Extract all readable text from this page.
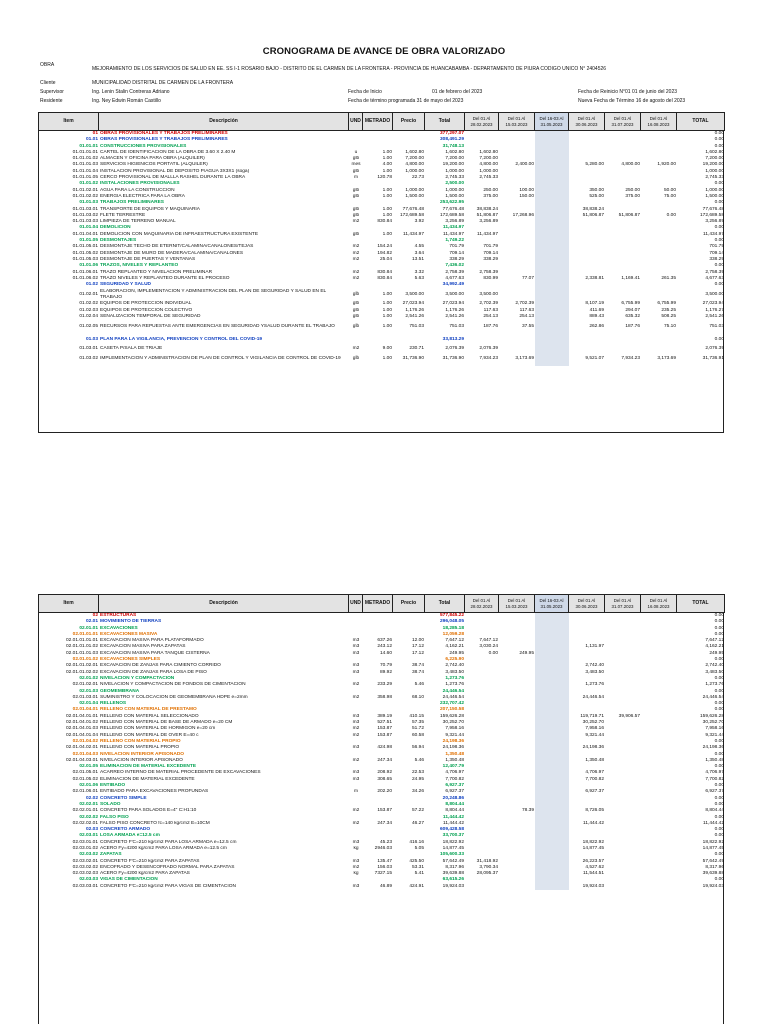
CRONOGRAMA DE AVANCE DE OBRA VALORIZADO
OBRA
MEJORAMIENTO DE LOS SERVICIOS DE SALUD EN EE. SS I-1 ROSARIO BAJO - DISTRITO DE EL CARMEN DE LA FRONTERA - PROVINCIA DE HUANCABAMBA - DEPARTAMENTO DE PIURA CODIGO UNICO N° 2404526
Cliente	MUNICIPALIDAD DISTRITAL DE CARMEN DE LA FRONTERA
Supervisor	Ing. Lenin Stalin Contreras Adriano	Fecha de Inicio	01 de febrero del 2023	Fecha de Reinicio N°01 01 de junio del 2023
Residente	Ing. Ney Edwin Román Castillo	Fecha de término programada 31 de mayo del 2023	Nueva Fecha de Término 16 de agosto del 2023
Item	Descripción	UND	METRADO	Precio	Total	Del 01 Al 28.02.2023	Del 01 Al 15.03.2023	Del 16-03 Al 31.05.2023	Del 01 Al 30.06.2023	Del 01 Al 31.07.2023	Del 01 Al 16.08.2023	TOTAL
01	OBRAS PROVISIONALES Y TRABAJOS PRELIMINARES				377,297.07							0.00
01.01	OBRAS PROVISIONALES Y TRABAJOS PRELIMINARES				308,491.29							0.00
01.01.01	CONSTRUCCIONES PROVISIONALES				31,748.13							0.00
01.01.01.01	CARTEL DE IDENTIFICACION DE LA OBRA DE 3.60 X 2.40 M	u	1.00	1,602.80	1,602.80	1,602.80						1,602.80
01.01.01.02	ALMACEN Y OFICINA PARA OBRA (ALQUILER)	glb	1.00	7,200.00	7,200.00	7,200.00						7,200.00
01.01.01.03	SERVICIOS HIGIENICOS PORTATIL (ALQUILER)	mes	4.00	4,800.00	19,200.00	4,800.00	2,400.00		5,280.00	4,800.00	1,920.00	19,200.00
01.01.01.04	INSTALACION PROVISIONAL DE DEPOSITO P/AGUA 3X3X1 (soga)	glb	1.00	1,000.00	1,000.00	1,000.00						1,000.00
01.01.01.05	CERCO PROVISIONAL DE MALLLA RASHEL DURANTE LA OBRA	m	120.78	22.73	2,745.33	2,745.33						2,745.33
01.01.02	INSTALACIONES PROVISIONALES				2,500.00							0.00
01.01.02.01	AGUA PARA LA CONSTRUCCION	glb	1.00	1,000.00	1,000.00	250.00	100.00		350.00	250.00	50.00	1,000.00
01.01.02.02	ENERGIA ELECTRICA PARA LA OBRA	glb	1.00	1,500.00	1,500.00	375.00	150.00		525.00	375.00	75.00	1,500.00
01.01.03	TRABAJOS PRELIMINARES				253,622.95							0.00
01.01.03.01	TRANSPORTE DE EQUIPOS Y MAQUINARIA	glb	1.00	77,676.48	77,676.48	38,838.24			38,838.24			77,676.48
01.01.03.02	FLETE TERRESTRE	glb	1.00	172,689.58	172,689.58	51,806.87	17,268.96		51,806.87	51,806.87	0.00	172,689.58
01.01.03.03	LIMPIEZA DE TERRENO MANUAL	m2	830.84	3.92	3,256.89	3,256.89						3,256.89
01.01.04	DEMOLICION				11,434.97							0.00
01.01.04.01	DEMOLICION CON MAQUINARIA DE INFRAESTRUCTURA EXISTENTE	glb	1.00	11,434.97	11,434.97	11,434.97						11,434.97
01.01.05	DESMONTAJES				1,749.22							0.00
01.01.05.01	DESMONTAJE TECHO DE ETERNIT/CALAMINA/CANALONES/TEJAS	m2	154.24	4.55	701.79	701.79						701.79
01.01.05.02	DESMONTAJE DE MURO DE MADERA/CALAMINA/CANALONES	m2	194.82	3.64	709.14	709.14						709.14
01.01.05.03	DESMONTAJE DE PUERTAS Y VENTANAS	m2	25.04	13.51	338.29	338.29						338.29
01.01.06	TRAZOS, NIVELES Y REPLANTEO				7,436.02							0.00
01.01.06.01	TRAZO REPLANTEO Y NIVELACION PRELIMINAR	m2	830.84	3.32	2,758.39	2,758.39						2,758.39
01.01.06.02	TRAZO NIVELES Y REPLANTEO DURANTE EL PROCESO	m2	830.84	5.63	4,677.63	830.99	77.07		2,338.81	1,169.41	261.35	4,677.63
01.02	SEGURIDAD Y SALUD				34,992.49							0.00
01.02.01	ELABORACION, IMPLEMENTACION Y ADMINISTRACION DEL PLAN DE SEGURIDAD Y SALUD EN EL TRABAJO	glb	1.00	3,500.00	3,500.00	3,500.00						3,500.00
01.02.02	EQUIPOS DE PROTECCION INDIVIDUAL	glb	1.00	27,023.94	27,023.94	2,702.39	2,702.39		8,107.19	6,755.99	6,755.99	27,023.94
01.02.03	EQUIPOS DE PROTECCION COLECTIVO	glb	1.00	1,176.26	1,176.26	117.63	117.63		411.69	294.07	235.25	1,176.27
01.02.04	SEÑALIZACION TEMPORAL DE SEGURIDAD	glb	1.00	2,541.26	2,541.26	254.13	254.13		889.43	635.32	508.25	2,541.26
01.02.05	RECURSOS PARA REPUESTAS ANTE EMERGENCIAS EN SEGURIDAD YSALUD DURANTE EL TRABAJO	glb	1.00	751.03	751.03	187.76	37.55		262.86	187.76	75.10	751.03
01.03	PLAN PARA LA VIGILANCIA, PREVENCION Y CONTROL DEL COVID-19				33,813.29							0.00
01.03.01	CASETA P/SALA DE TRIAJE	m2	9.00	230.71	2,076.39	2,076.39						2,076.39
01.03.02	IMPLEMENTACION Y ADMINISTRACION DE PLAN DE CONTROL Y VIGILANCIA DE CONTROL DE COVID-19	glb	1.00	31,736.90	31,736.90	7,934.23	3,173.69		9,521.07	7,934.23	3,173.69	31,736.91
Item	Descripción	UND	METRADO	Precio	Total	Del 01 Al 28.02.2023	Del 01 Al 15.03.2023	Del 16-03 Al 31.05.2023	Del 01 Al 30.06.2023	Del 01 Al 31.07.2023	Del 01 Al 16.08.2023	TOTAL
02	ESTRUCTURAS				577,845.22							0.00
02.01	MOVIMIENTO DE TIERRAS				296,048.05							0.00
02.01.01	EXCAVACIONES				18,285.18							0.00
02.01.01.01	EXCAVACIONES MASIVA				12,059.28							0.00
02.01.01.01.01	EXCAVACION MASIVA PARA PLATAFORMADO	m3	637.26	12.00	7,647.12	7,647.12						7,647.12
02.01.01.01.02	EXCAVACION MASIVA PARA ZAPATAS	m3	243.12	17.12	4,162.21	3,030.24			1,131.97			4,162.21
02.01.01.01.03	EXCAVACION MASIVA PARA TANQUE CISTERNA	m3	14.60	17.12	249.95	0.00	249.95					249.95
02.01.01.02	EXCAVACIONES SIMPLES				6,225.90							0.00
02.01.01.02.01	EXCAVACION DE ZANJAS PARA CIMIENTO CORRIDO	m3	70.79	38.74	2,742.40				2,742.40			2,742.40
02.01.01.02.02	EXCAVACION DE ZANJAS PARA LOSA DE PISO	m3	89.92	38.74	3,483.50				3,483.50			3,483.50
02.01.02	NIVELACION Y COMPACTACION				1,273.76							0.00
02.01.02.01	NIVELACION Y COMPACTACION DE FONDOS DE CIMENTACION	m2	233.29	5.46	1,273.76				1,273.76			1,273.76
02.01.03	GEOMEMBRANA				24,446.54							0.00
02.01.03.01	SUMINISTRO Y COLOCACION DE GEOMEMBRANA HDPE e=2mm	m2	358.98	68.10	24,446.54				24,446.54			24,446.54
02.01.04	RELLENOS				232,707.42							0.00
02.01.04.01	RELLENO CON MATERIAL DE PRESTAMO				207,150.58							0.00
02.01.04.01.01	RELLENO CON MATERIAL SELECCIONADO	m3	389.19	410.15	159,626.28				119,719.71	39,906.57		159,626.28
02.01.04.01.02	RELLENO CON MATERIAL DE BASE DE ARMADO e=20 CM	m3	527.51	57.35	30,252.70				30,252.70			30,252.70
02.01.04.01.03	RELLENO CON MATERIAL DE HORMIGON e=20 cm	m2	153.87	51.72	7,958.16				7,958.16			7,958.16
02.01.04.01.04	RELLENO CON MATERIAL DE OVER E=40 c	m2	153.87	60.58	9,321.44				9,321.44			9,321.44
02.01.04.02	RELLENO CON MATERIAL PROPIO				24,198.36							0.00
02.01.04.02.01	RELLENO CON MATERIAL PROPIO	m3	424.98	56.94	24,198.36				24,198.36			24,198.36
02.01.04.03	NIVELACION INTERIOR APISONADO				1,350.48							0.00
02.01.04.03.01	NIVELACION INTERIOR APISONADO	m2	247.34	5.46	1,350.48				1,350.48			1,350.48
02.01.05	ELIMINACION DE MATERIAL EXCEDENTE				12,407.79							0.00
02.01.05.01	ACARREO INTERNO DE MATERIAL PROCEDENTE DE EXCAVACIONES	m3	208.92	22.53	4,706.97				4,706.97			4,706.97
02.01.05.02	ELIMINACION DE MATERIAL EXCEDENTE	m3	308.65	24.95	7,700.82				7,700.82			7,700.82
02.01.06	ENTIBADO				6,927.37							0.00
02.01.06.01	ENTIBADO PARA EXCAVACIONES PROFUNDAS	m	202.20	34.26	6,927.37				6,927.37			6,927.37
02.02	CONCRETO SIMPLE				20,248.86							0.00
02.02.01	SOLADO				8,804.44							0.00
02.02.01.01	CONCRETO PARA SOLADOS E=4" C:H1:10	m2	153.87	57.22	8,804.44		78.39		8,726.05			8,804.44
02.02.02	FALSO PISO				11,444.42							0.00
02.02.02.01	FALSO PISO CONCRETO fc=140 kg/cm2 E=10CM	m2	247.34	46.27	11,444.42				11,444.42			11,444.42
02.03	CONCRETO ARMADO				609,428.58							0.00
02.03.01	LOSA ARMADA e=12.5 cm				33,700.37							0.00
02.03.01.01	CONCRETO F'C=210 kg/cm2 PARA LOSA ARMADA e=12.5 cm	m3	45.23	416.16	18,822.92				18,822.92			18,822.92
02.03.01.02	ACERO Fy=4200 kg/cm2 PARA LOSA ARMADA e=12.5 cm	kg	2946.03	5.05	14,877.45				14,877.45			14,877.45
02.03.02	ZAPATAS				105,600.33							0.00
02.03.02.01	CONCRETO F'C=210 kg/cm2 PARA ZAPATAS	m3	135.47	425.50	57,642.49	31,418.92			26,223.57			57,642.49
02.03.02.02	ENCOFRADO Y DESENCOFRADO NORMAL PARA ZAPATAS	m2	156.03	53.31	8,317.96	3,790.34			4,527.62			8,317.96
02.03.02.03	ACERO Fy=4200 kg/cm2 PARA ZAPATAS	kg	7327.15	5.41	39,639.88	28,095.37			11,544.51			39,639.88
02.03.03	VIGAS DE CIMENTACION				63,615.26							0.00
02.03.03.01	CONCRETO F'C=210 kg/cm2 PARA VIGAS DE CIMENTACION	m3	46.89	424.91	19,924.03				19,924.03			19,924.03
